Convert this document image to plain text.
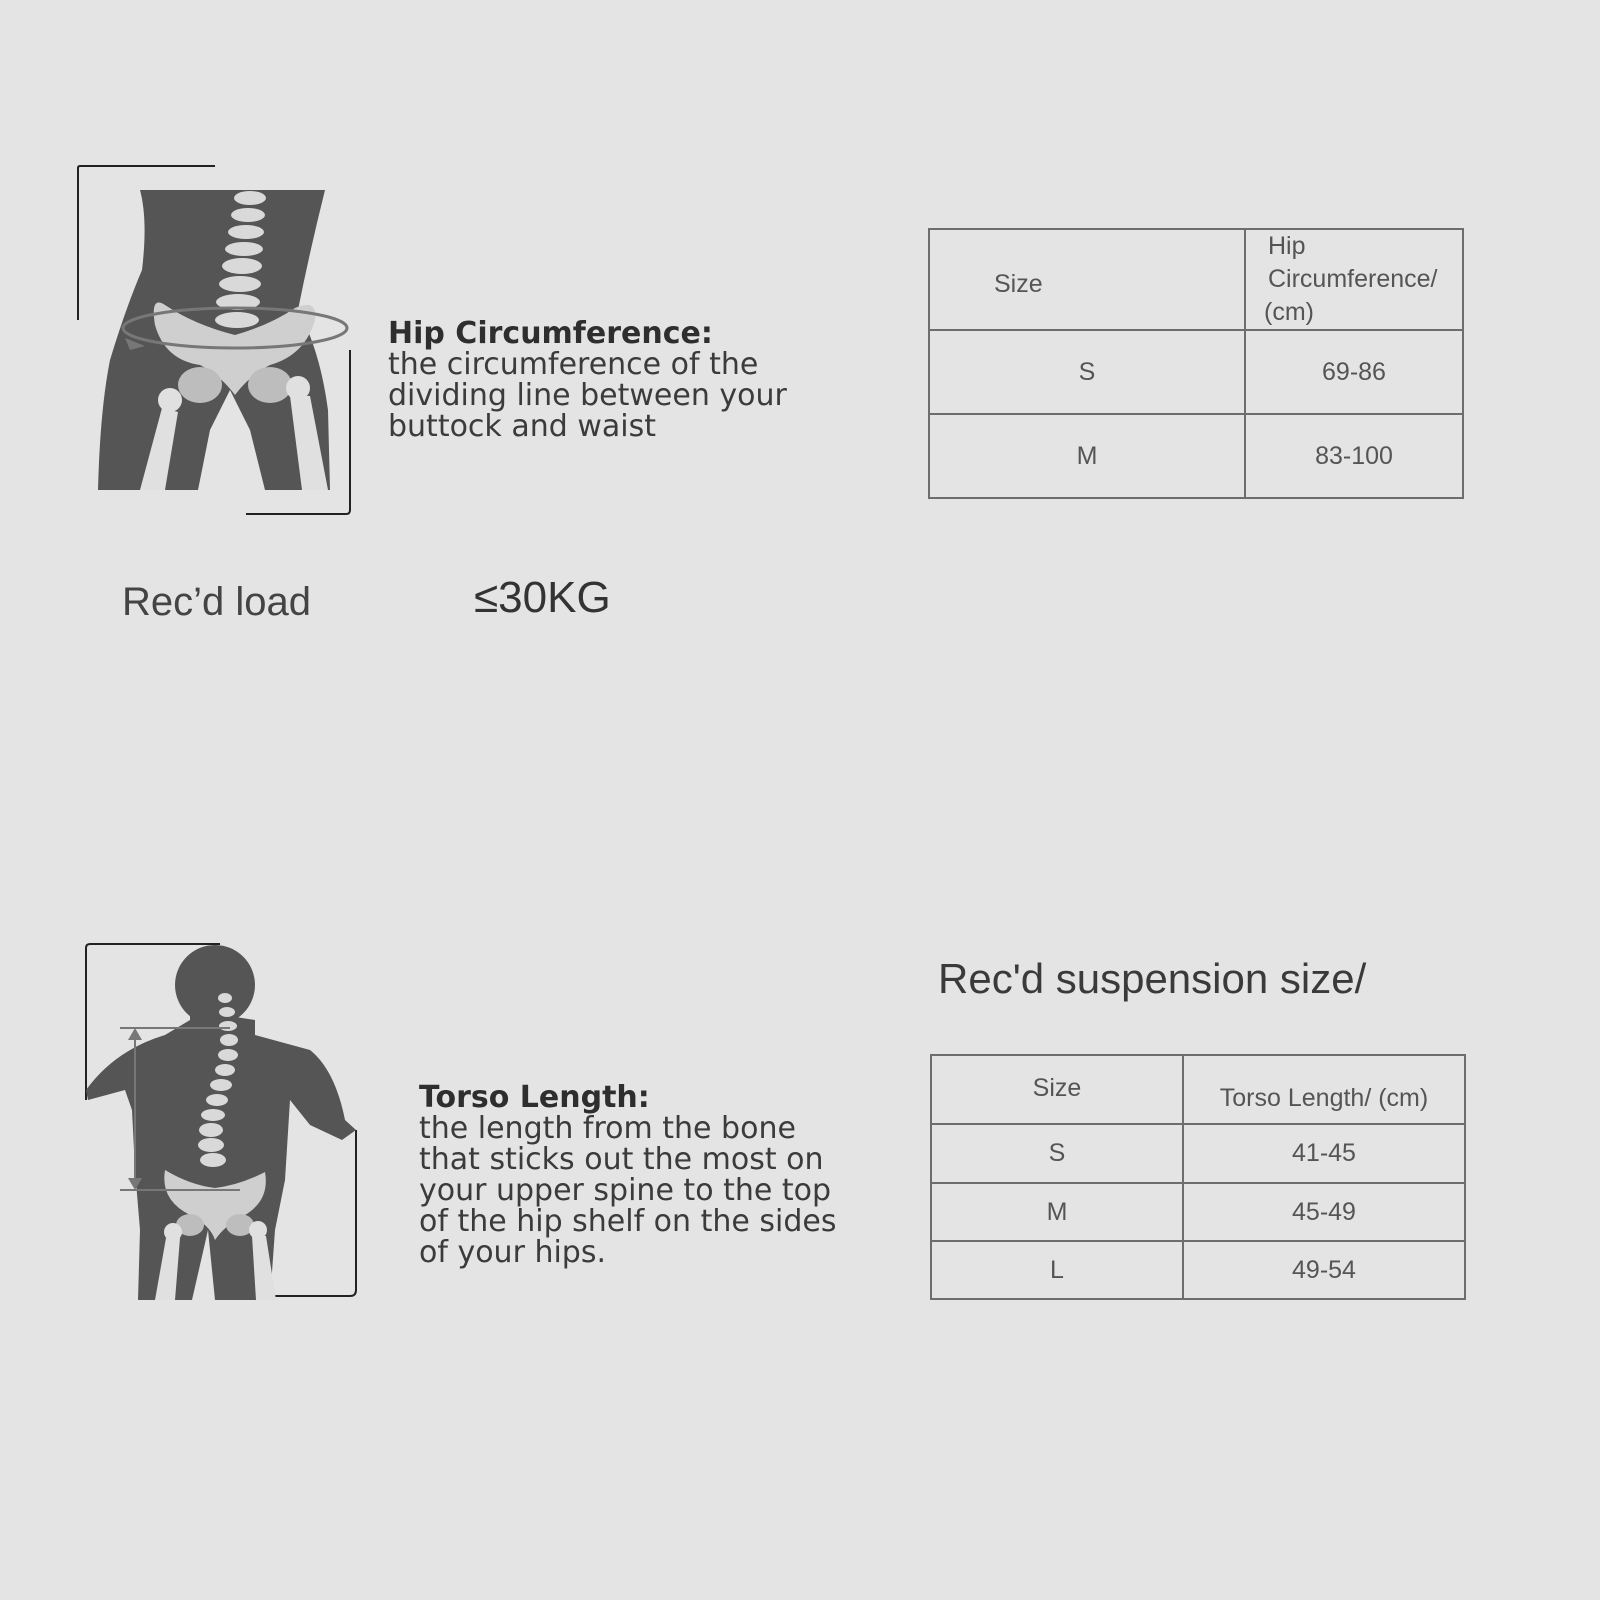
Hip Circumference:
the circumference of the
dividing line between your
buttock and waist
Rec’d load	≤30KG
Size	Hip Circumference/
(cm)

S	69-86
M	83-100
Torso Length:
the length from the bone
that sticks out the most on
your upper spine to the top
of the hip shelf on the sides
of your hips.
Rec'd suspension size/
Size	Torso Length/ (cm)
S	41-45
M	45-49
L	49-54
